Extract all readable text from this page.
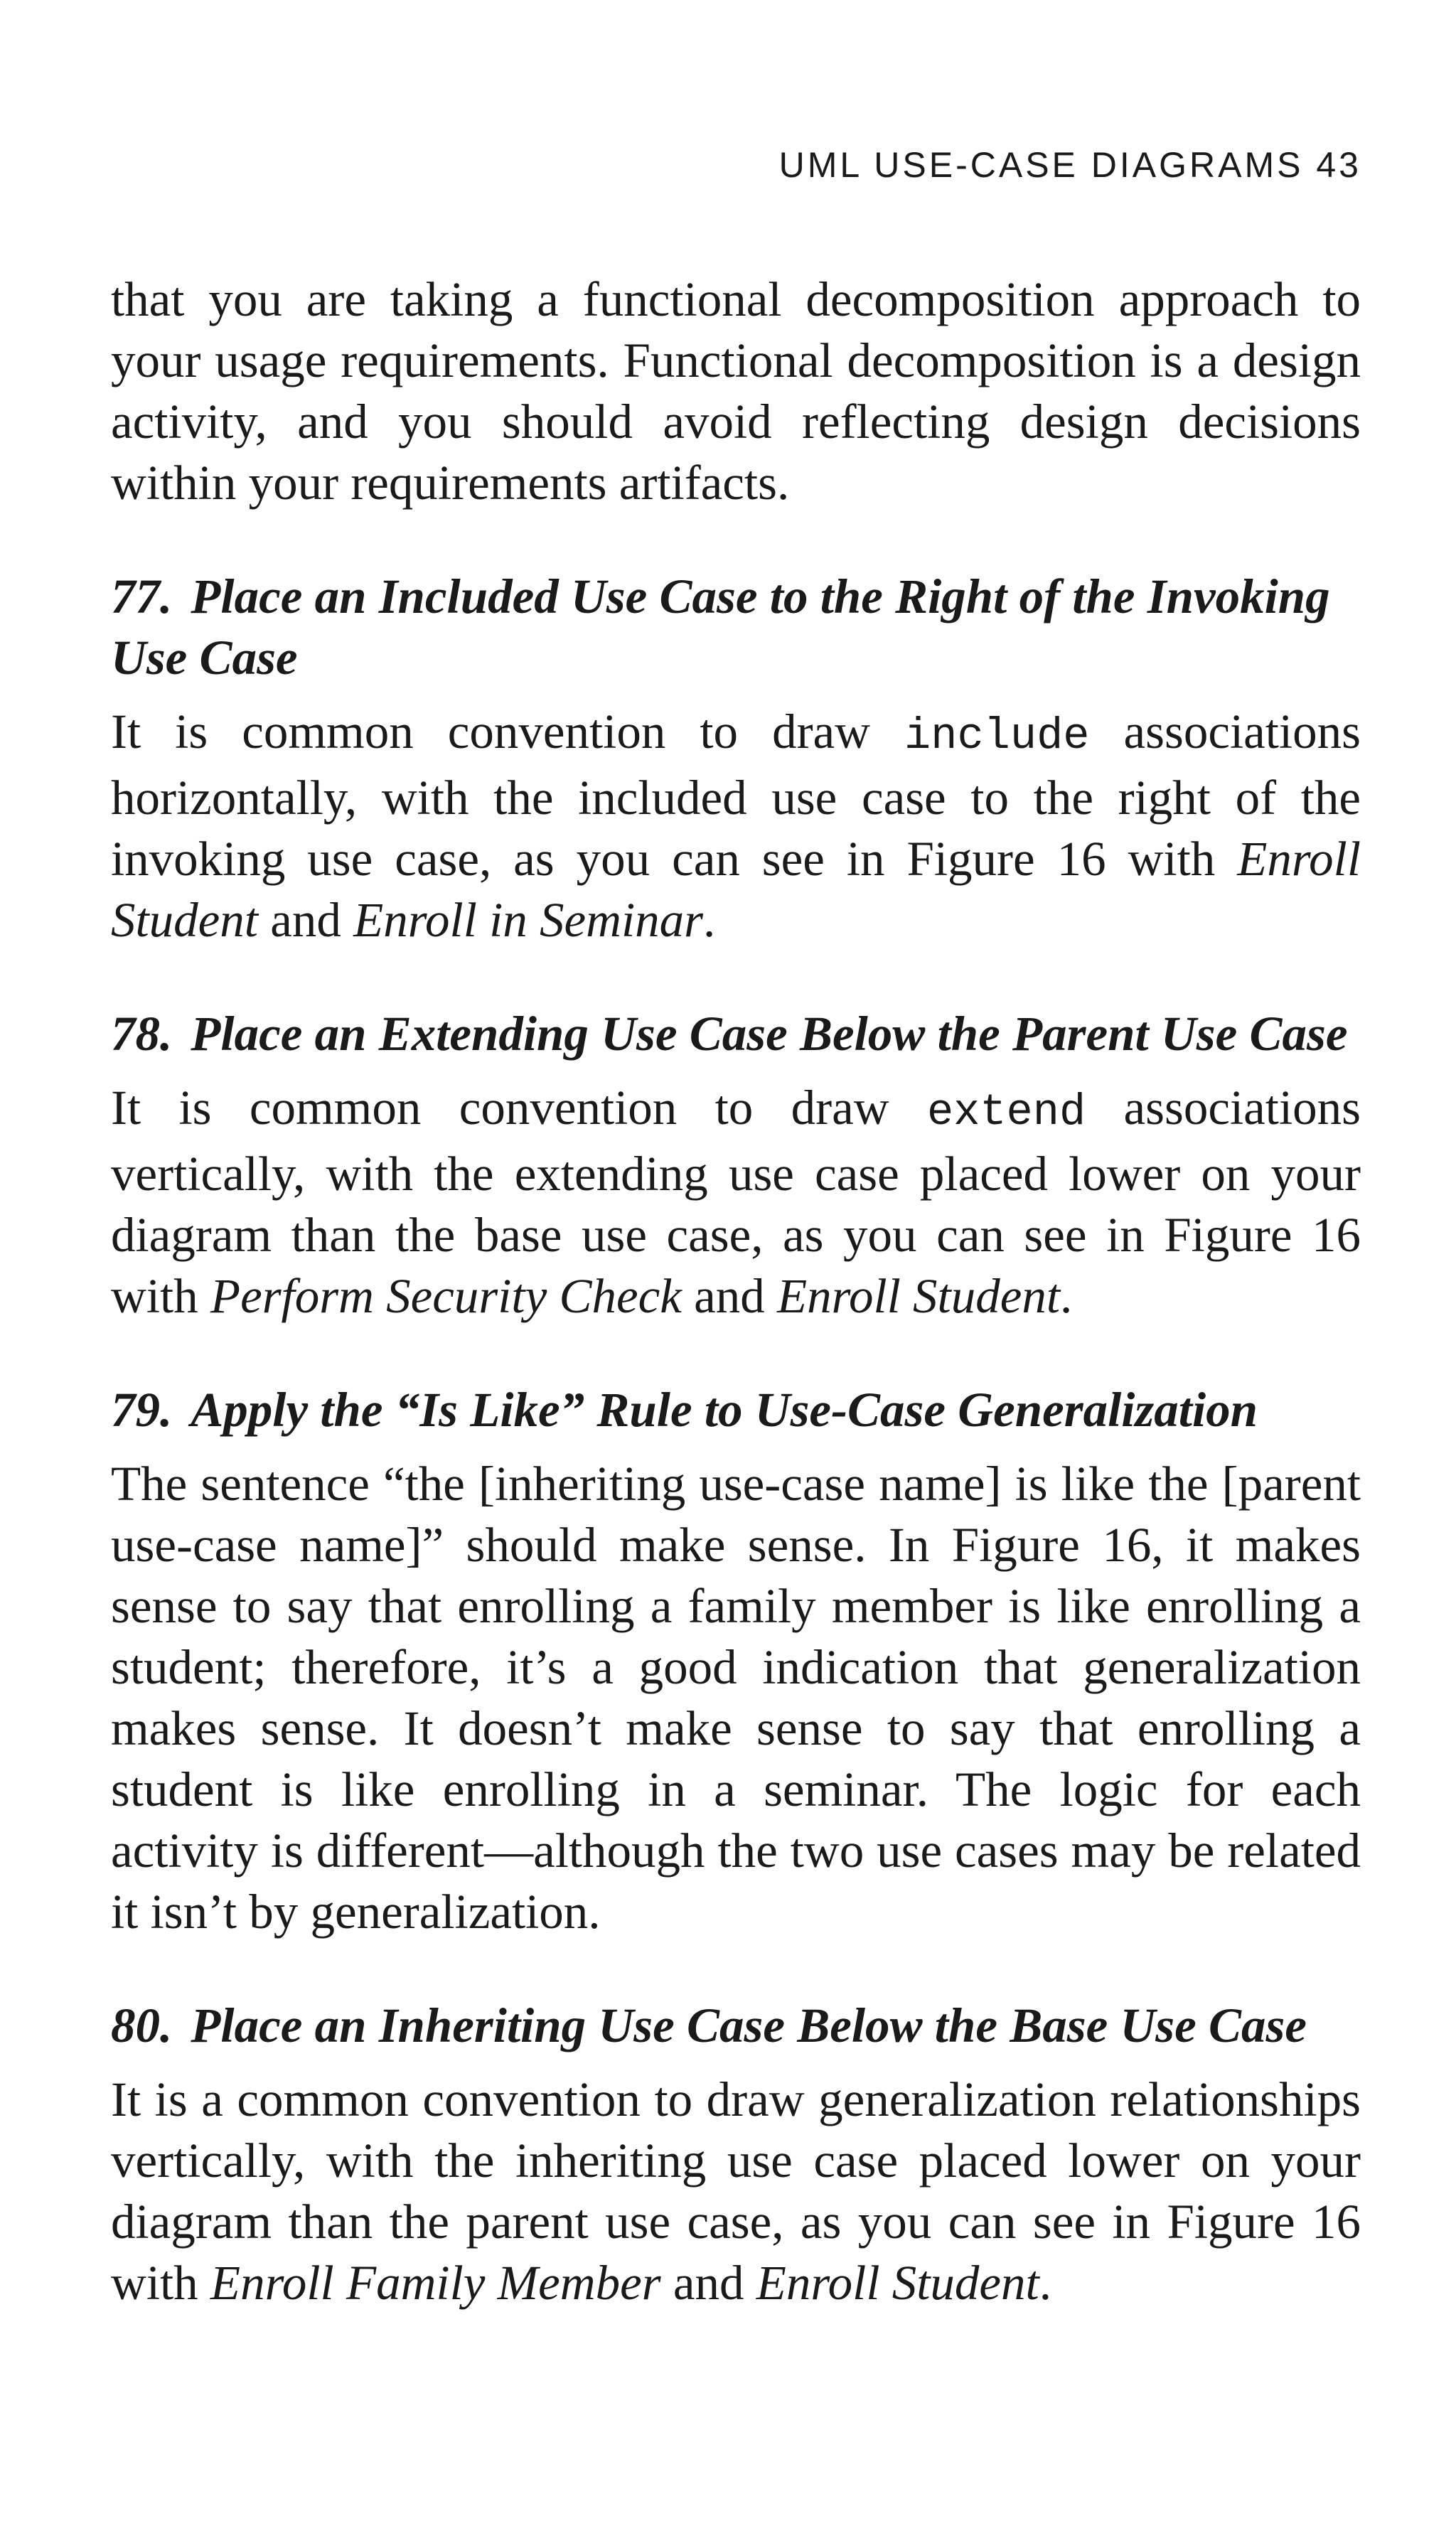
UML USE-CASE DIAGRAMS 43

that you are taking a functional decomposition approach to your usage requirements. Functional decomposition is a design activity, and you should avoid reflecting design decisions within your requirements artifacts.

77. Place an Included Use Case to the Right of the Invoking Use Case

It is common convention to draw include associations horizontally, with the included use case to the right of the invoking use case, as you can see in Figure 16 with Enroll Student and Enroll in Seminar.

78. Place an Extending Use Case Below the Parent Use Case

It is common convention to draw extend associations vertically, with the extending use case placed lower on your diagram than the base use case, as you can see in Figure 16 with Perform Security Check and Enroll Student.

79. Apply the “Is Like” Rule to Use-Case Generalization

The sentence “the [inheriting use-case name] is like the [parent use-case name]” should make sense. In Figure 16, it makes sense to say that enrolling a family member is like enrolling a student; therefore, it’s a good indication that generalization makes sense. It doesn’t make sense to say that enrolling a student is like enrolling in a seminar. The logic for each activity is different—although the two use cases may be related it isn’t by generalization.

80. Place an Inheriting Use Case Below the Base Use Case

It is a common convention to draw generalization relationships vertically, with the inheriting use case placed lower on your diagram than the parent use case, as you can see in Figure 16 with Enroll Family Member and Enroll Student.
